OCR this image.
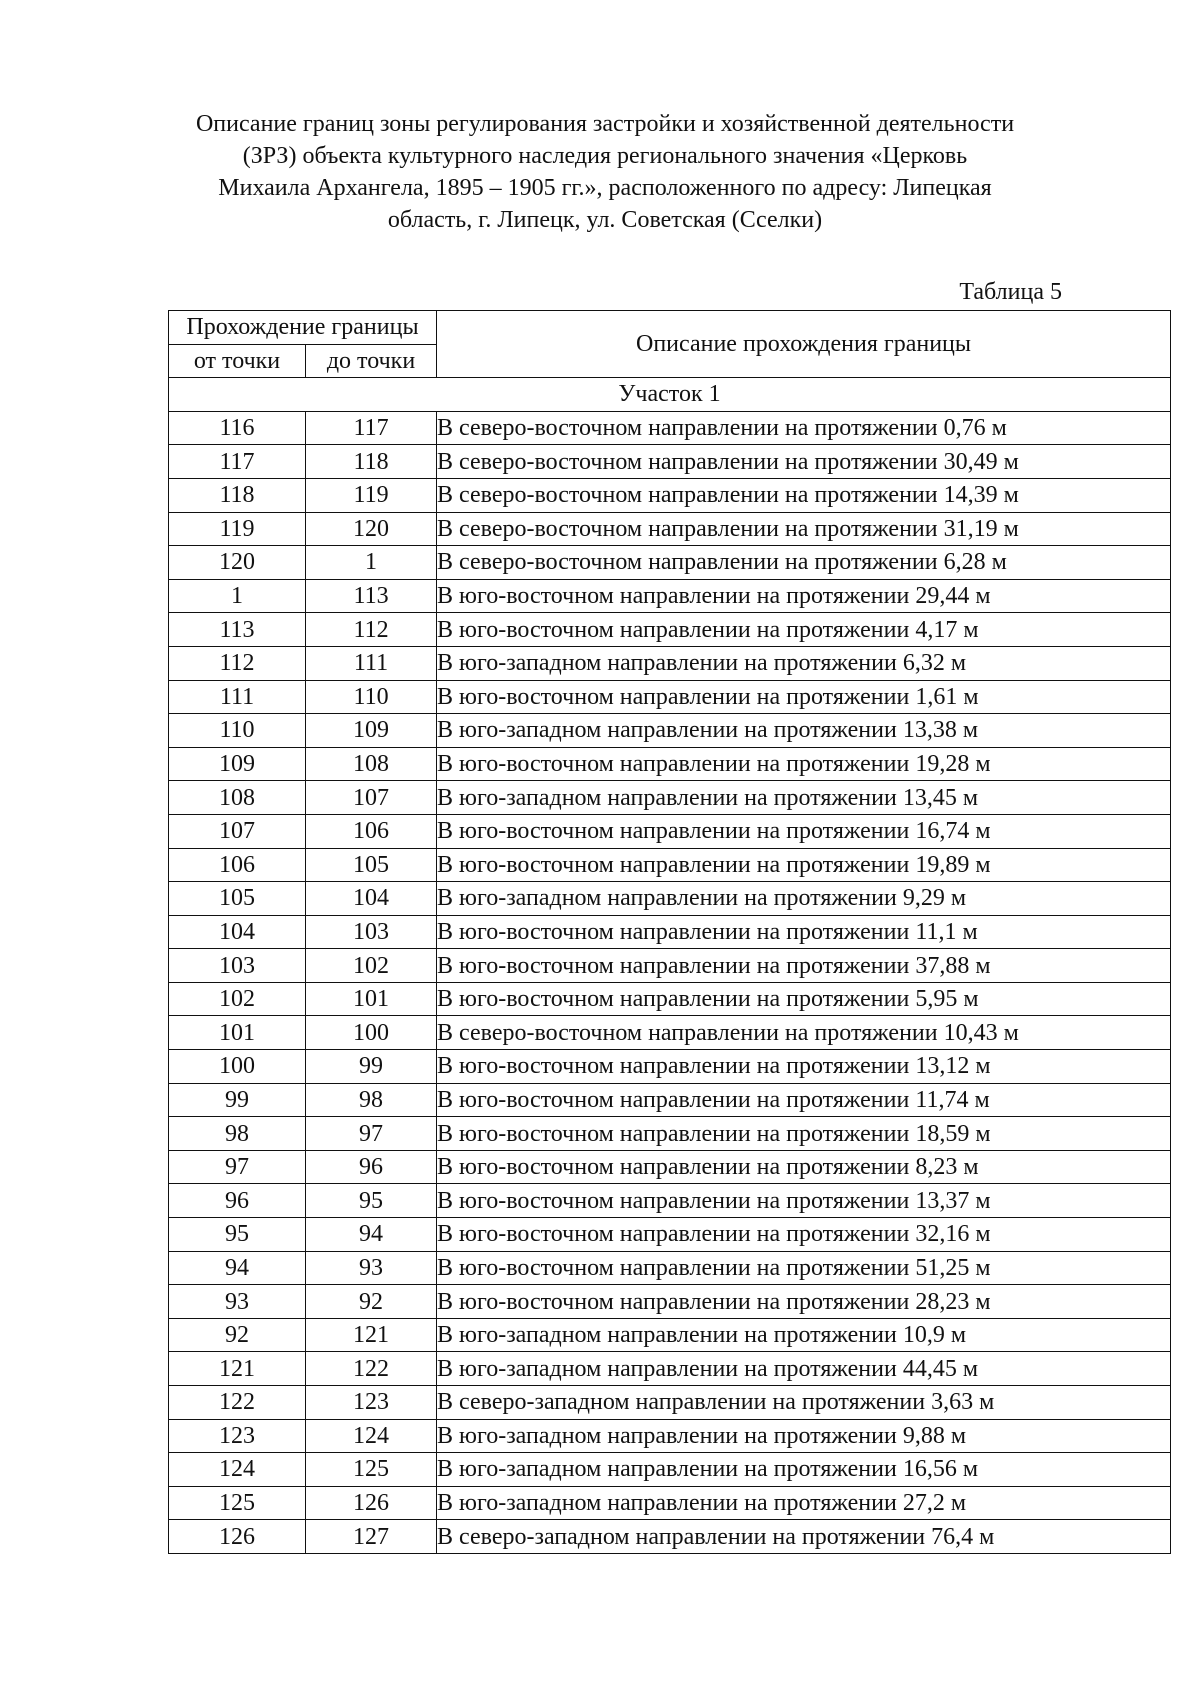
Описание границ зоны регулирования застройки и хозяйственной деятельности
(ЗРЗ) объекта культурного наследия регионального значения «Церковь
Михаила Архангела, 1895 – 1905 гг.», расположенного по адресу: Липецкая
область, г. Липецк, ул. Советская (Сселки)
Таблица 5
Прохождение границы		Описание прохождения границы
от точки	до точки	
Участок 1		
116	117	В северо-восточном направлении на протяжении 0,76 м
117	118	В северо-восточном направлении на протяжении 30,49 м
118	119	В северо-восточном направлении на протяжении 14,39 м
119	120	В северо-восточном направлении на протяжении 31,19 м
120	1	В северо-восточном направлении на протяжении 6,28 м
1	113	В юго-восточном направлении на протяжении 29,44 м
113	112	В юго-восточном направлении на протяжении 4,17 м
112	111	В юго-западном направлении на протяжении 6,32 м
111	110	В юго-восточном направлении на протяжении 1,61 м
110	109	В юго-западном направлении на протяжении 13,38 м
109	108	В юго-восточном направлении на протяжении 19,28 м
108	107	В юго-западном направлении на протяжении 13,45 м
107	106	В юго-восточном направлении на протяжении 16,74 м
106	105	В юго-восточном направлении на протяжении 19,89 м
105	104	В юго-западном направлении на протяжении 9,29 м
104	103	В юго-восточном направлении на протяжении 11,1 м
103	102	В юго-восточном направлении на протяжении 37,88 м
102	101	В юго-восточном направлении на протяжении 5,95 м
101	100	В северо-восточном направлении на протяжении 10,43 м
100	99	В юго-восточном направлении на протяжении 13,12 м
99	98	В юго-восточном направлении на протяжении 11,74 м
98	97	В юго-восточном направлении на протяжении 18,59 м
97	96	В юго-восточном направлении на протяжении 8,23 м
96	95	В юго-восточном направлении на протяжении 13,37 м
95	94	В юго-восточном направлении на протяжении 32,16 м
94	93	В юго-восточном направлении на протяжении 51,25 м
93	92	В юго-восточном направлении на протяжении 28,23 м
92	121	В юго-западном направлении на протяжении 10,9 м
121	122	В юго-западном направлении на протяжении 44,45 м
122	123	В северо-западном направлении на протяжении 3,63 м
123	124	В юго-западном направлении на протяжении 9,88 м
124	125	В юго-западном направлении на протяжении 16,56 м
125	126	В юго-западном направлении на протяжении 27,2 м
126	127	В северо-западном направлении на протяжении 76,4 м
